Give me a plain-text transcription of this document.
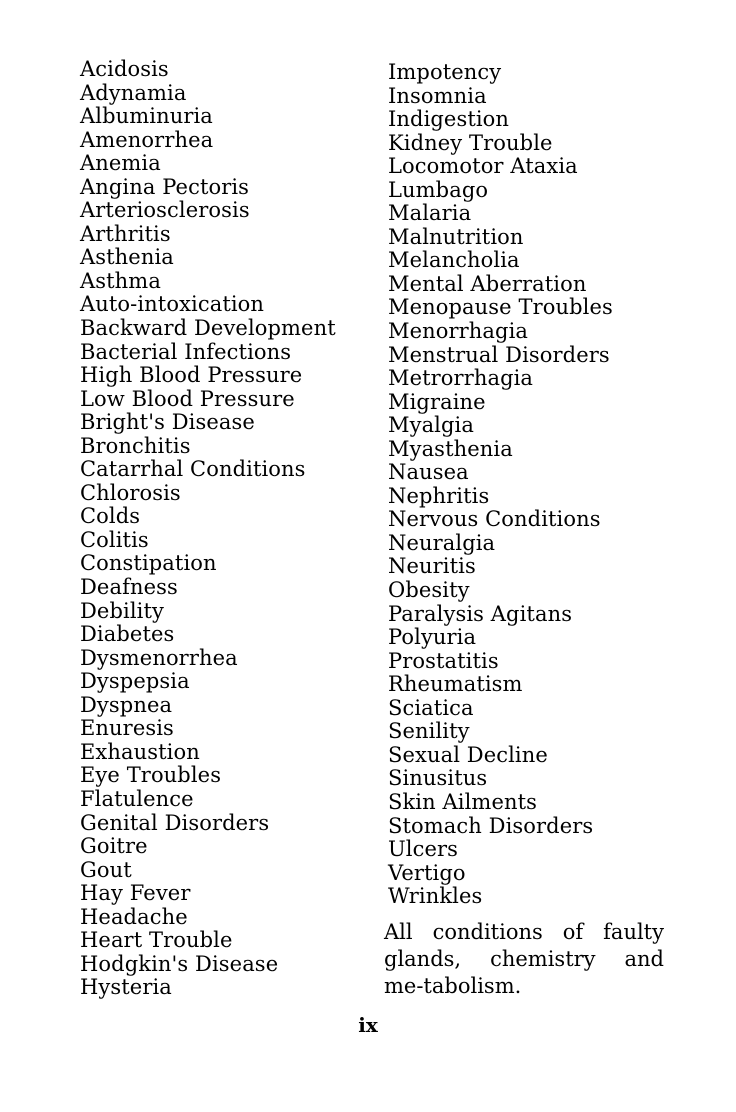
Acidosis
Adynamia
Albuminuria
Amenorrhea
Anemia
Angina Pectoris
Arteriosclerosis
Arthritis
Asthenia
Asthma
Auto-intoxication
Backward Development
Bacterial Infections
High Blood Pressure
Low Blood Pressure
Bright's Disease
Bronchitis
Catarrhal Conditions
Chlorosis
Colds
Colitis
Constipation
Deafness
Debility
Diabetes
Dysmenorrhea
Dyspepsia
Dyspnea
Enuresis
Exhaustion
Eye Troubles
Flatulence
Genital Disorders
Goitre
Gout
Hay Fever
Headache
Heart Trouble
Hodgkin's Disease
Hysteria
Impotency
Insomnia
Indigestion
Kidney Trouble
Locomotor Ataxia
Lumbago
Malaria
Malnutrition
Melancholia
Mental Aberration
Menopause Troubles
Menorrhagia
Menstrual Disorders
Metrorrhagia
Migraine
Myalgia
Myasthenia
Nausea
Nephritis
Nervous Conditions
Neuralgia
Neuritis
Obesity
Paralysis Agitans
Polyuria
Prostatitis
Rheumatism
Sciatica
Senility
Sexual Decline
Sinusitus
Skin Ailments
Stomach Disorders
Ulcers
Vertigo
Wrinkles

All conditions of faulty glands, chemistry and me-tabolism.

ix
